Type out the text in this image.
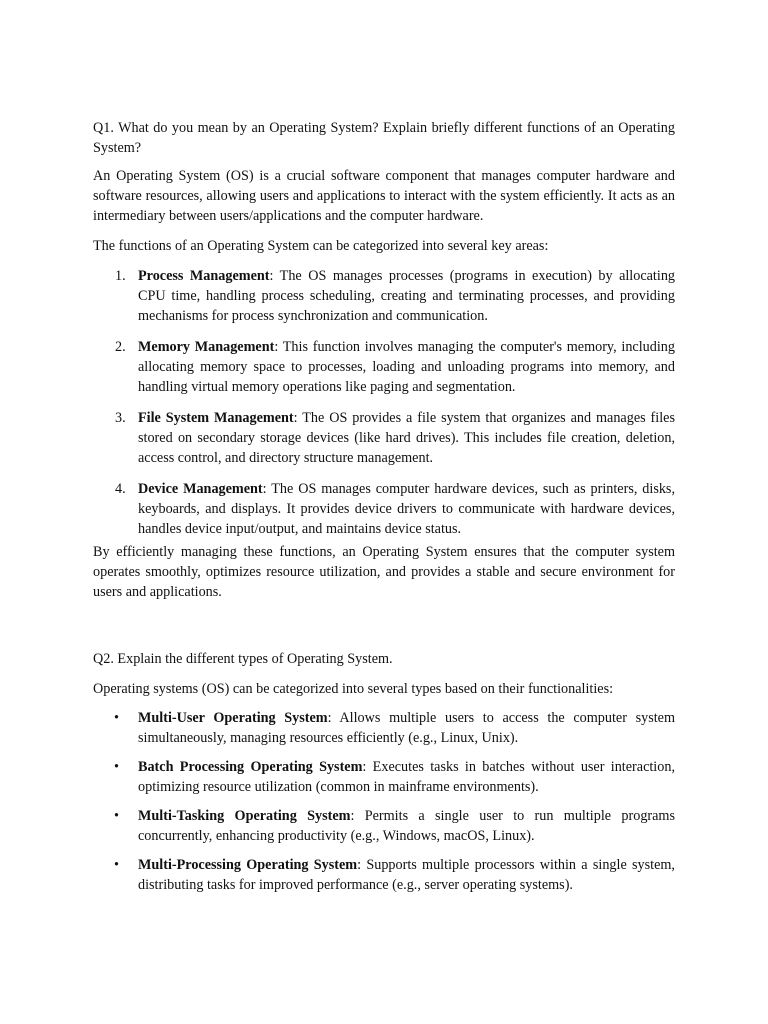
Q1. What do you mean by an Operating System? Explain briefly different functions of an Operating System?

An Operating System (OS) is a crucial software component that manages computer hardware and software resources, allowing users and applications to interact with the system efficiently. It acts as an intermediary between users/applications and the computer hardware.

The functions of an Operating System can be categorized into several key areas:

1. Process Management: The OS manages processes (programs in execution) by allocating CPU time, handling process scheduling, creating and terminating processes, and providing mechanisms for process synchronization and communication.
2. Memory Management: This function involves managing the computer's memory, including allocating memory space to processes, loading and unloading programs into memory, and handling virtual memory operations like paging and segmentation.
3. File System Management: The OS provides a file system that organizes and manages files stored on secondary storage devices (like hard drives). This includes file creation, deletion, access control, and directory structure management.
4. Device Management: The OS manages computer hardware devices, such as printers, disks, keyboards, and displays. It provides device drivers to communicate with hardware devices, handles device input/output, and maintains device status.

By efficiently managing these functions, an Operating System ensures that the computer system operates smoothly, optimizes resource utilization, and provides a stable and secure environment for users and applications.

Q2. Explain the different types of Operating System.

Operating systems (OS) can be categorized into several types based on their functionalities:

• Multi-User Operating System: Allows multiple users to access the computer system simultaneously, managing resources efficiently (e.g., Linux, Unix).
• Batch Processing Operating System: Executes tasks in batches without user interaction, optimizing resource utilization (common in mainframe environments).
• Multi-Tasking Operating System: Permits a single user to run multiple programs concurrently, enhancing productivity (e.g., Windows, macOS, Linux).
• Multi-Processing Operating System: Supports multiple processors within a single system, distributing tasks for improved performance (e.g., server operating systems).
